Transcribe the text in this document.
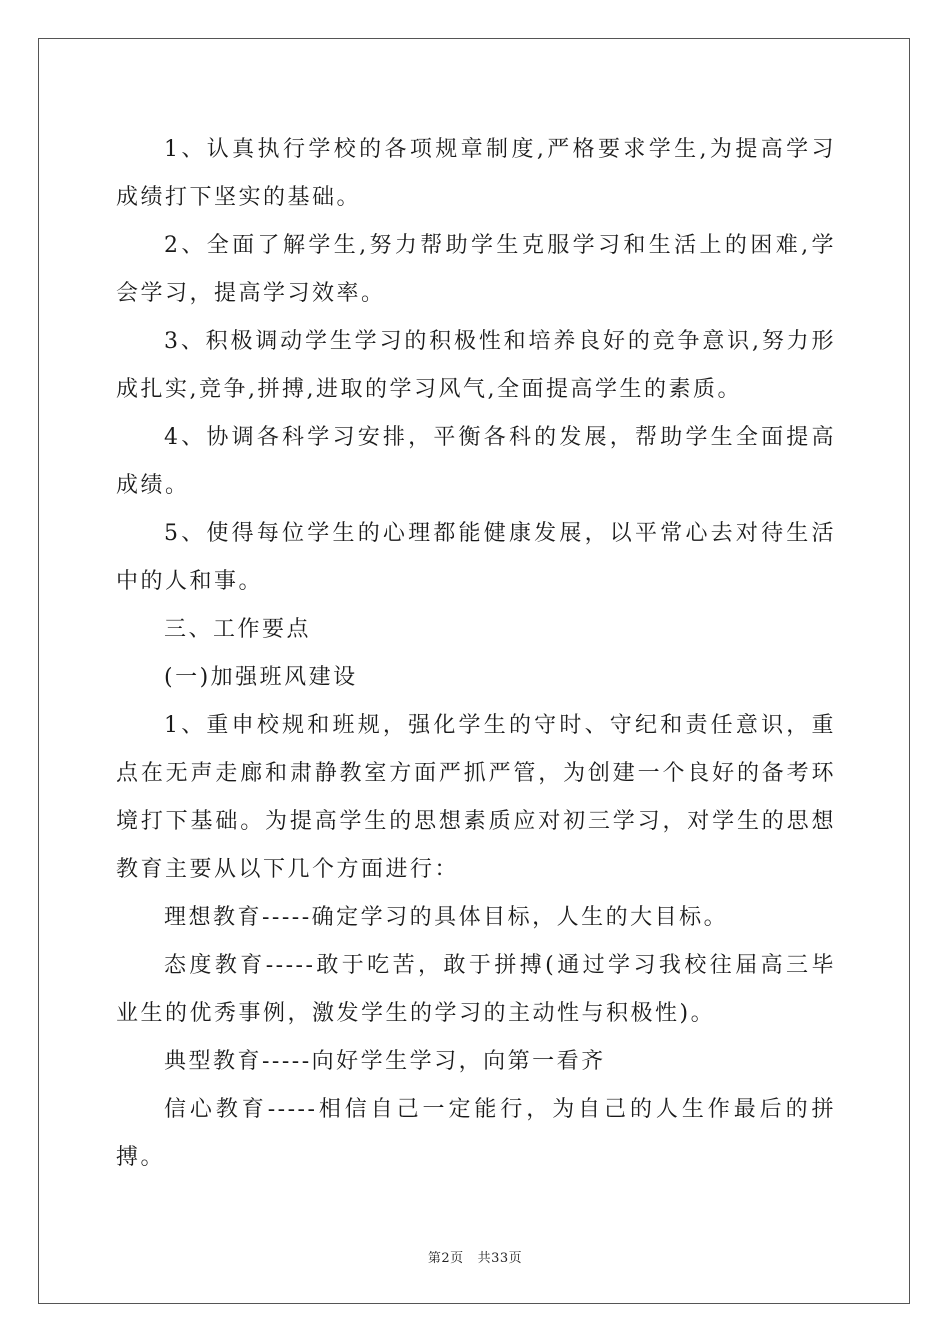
1、认真执行学校的各项规章制度,严格要求学生,为提高学习成绩打下坚实的基础。

2、全面了解学生,努力帮助学生克服学习和生活上的困难,学会学习，提高学习效率。

3、积极调动学生学习的积极性和培养良好的竞争意识,努力形成扎实,竞争,拼搏,进取的学习风气,全面提高学生的素质。

4、协调各科学习安排，平衡各科的发展，帮助学生全面提高成绩。

5、使得每位学生的心理都能健康发展，以平常心去对待生活中的人和事。

三、工作要点

(一)加强班风建设

1、重申校规和班规，强化学生的守时、守纪和责任意识，重点在无声走廊和肃静教室方面严抓严管，为创建一个良好的备考环境打下基础。为提高学生的思想素质应对初三学习，对学生的思想教育主要从以下几个方面进行：

理想教育-----确定学习的具体目标，人生的大目标。

态度教育-----敢于吃苦，敢于拼搏(通过学习我校往届高三毕业生的优秀事例，激发学生的学习的主动性与积极性)。

典型教育-----向好学生学习，向第一看齐

信心教育-----相信自己一定能行，为自己的人生作最后的拼搏。

第2页 共33页
